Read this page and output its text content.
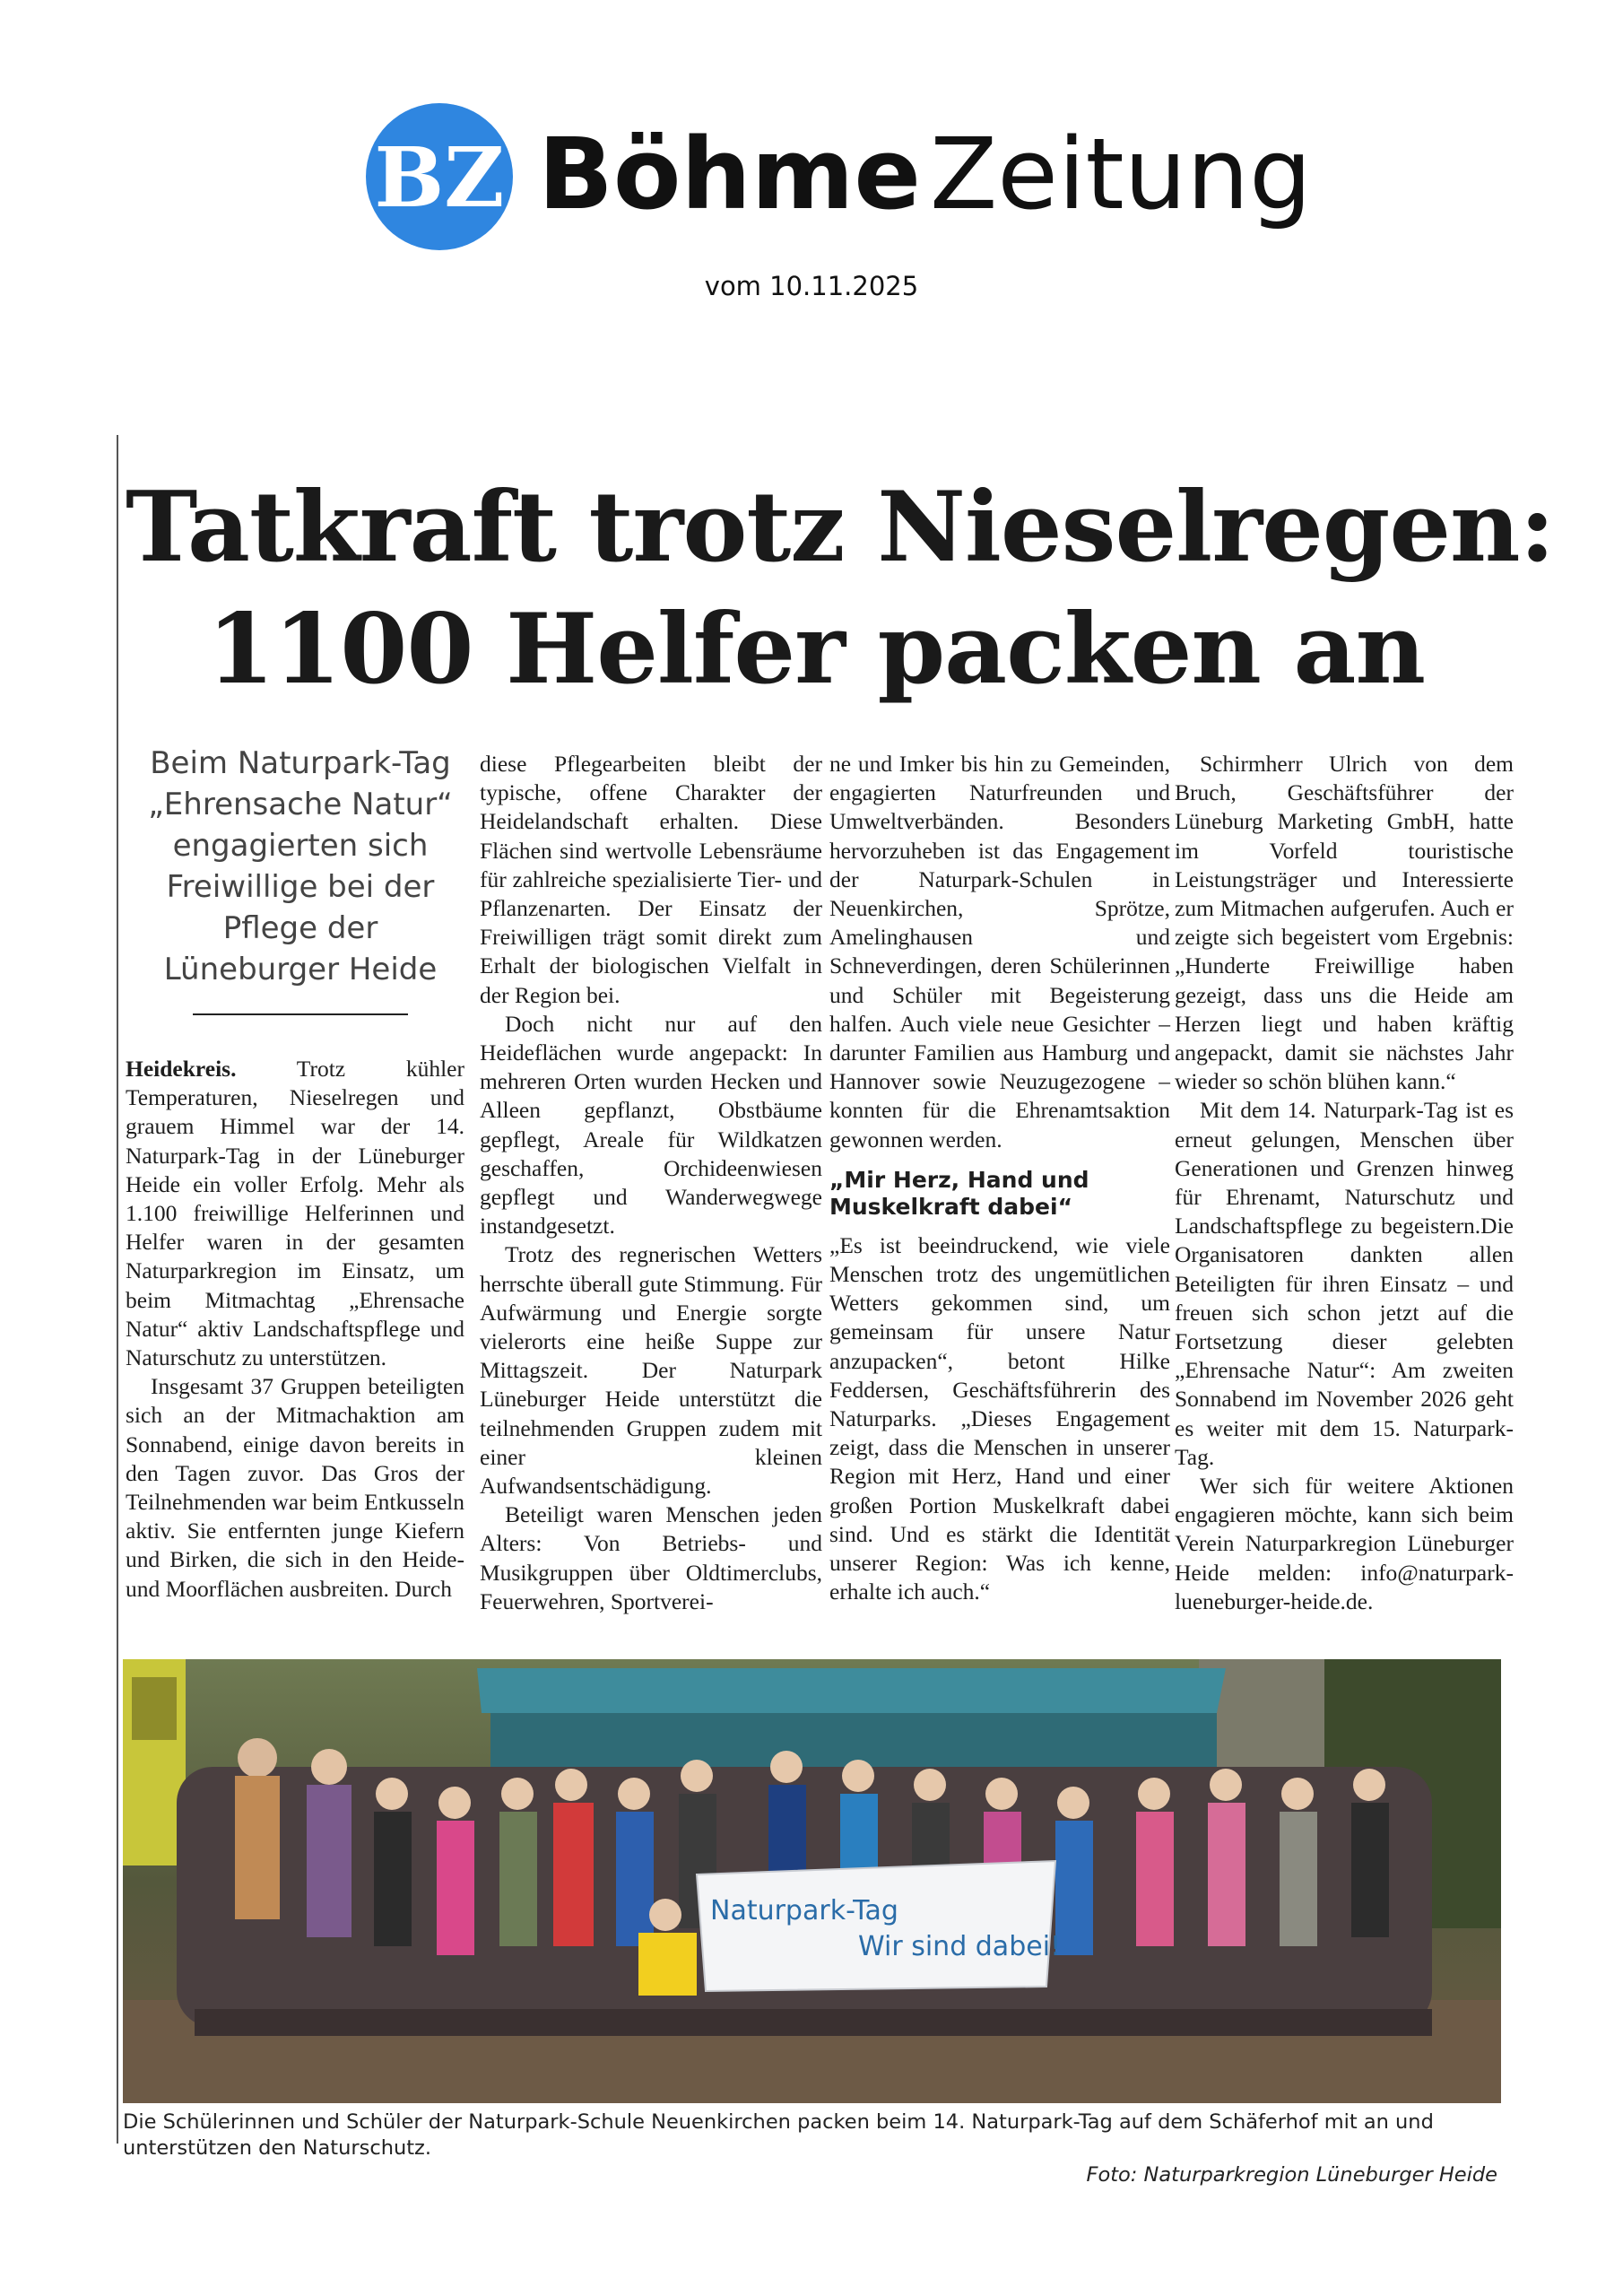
BZ BöhmeZeitung
vom 10.11.2025
Tatkraft trotz Nieselregen:
1100 Helfer packen an
Beim Naturpark-Tag
„Ehrensache Natur“
engagierten sich
Freiwillige bei der
Pflege der
Lüneburger Heide

Heidekreis. Trotz kühler Temperaturen, Nieselregen und grauem Himmel war der 14. Naturpark-Tag in der Lüneburger Heide ein voller Erfolg. Mehr als 1.100 freiwillige Helferinnen und Helfer waren in der gesamten Naturparkregion im Einsatz, um beim Mitmachtag „Ehrensache Natur“ aktiv Landschaftspflege und Naturschutz zu unterstützen.

Insgesamt 37 Gruppen beteiligten sich an der Mitmachaktion am Sonnabend, einige davon bereits in den Tagen zuvor. Das Gros der Teilnehmenden war beim Entkusseln aktiv. Sie entfernten junge Kiefern und Birken, die sich in den Heide- und Moorflächen ausbreiten. Durch

diese Pflegearbeiten bleibt der typische, offene Charakter der Heidelandschaft erhalten. Diese Flächen sind wertvolle Lebensräume für zahlreiche spezialisierte Tier- und Pflanzenarten. Der Einsatz der Freiwilligen trägt somit direkt zum Erhalt der biologischen Vielfalt in der Region bei.

Doch nicht nur auf den Heideflächen wurde angepackt: In mehreren Orten wurden Hecken und Alleen gepflanzt, Obstbäume gepflegt, Areale für Wildkatzen geschaffen, Orchideenwiesen gepflegt und Wanderwegwege instandgesetzt.

Trotz des regnerischen Wetters herrschte überall gute Stimmung. Für Aufwärmung und Energie sorgte vielerorts eine heiße Suppe zur Mittagszeit. Der Naturpark Lüneburger Heide unterstützt die teilnehmenden Gruppen zudem mit einer kleinen Aufwandsentschädigung.

Beteiligt waren Menschen jeden Alters: Von Betriebs- und Musikgruppen über Oldtimerclubs, Feuerwehren, Sportverei-

ne und Imker bis hin zu Gemeinden, engagierten Naturfreunden und Umweltverbänden. Besonders hervorzuheben ist das Engagement der Naturpark-Schulen in Neuenkirchen, Sprötze, Amelinghausen und Schneverdingen, deren Schülerinnen und Schüler mit Begeisterung halfen. Auch viele neue Gesichter – darunter Familien aus Hamburg und Hannover sowie Neuzugezogene – konnten für die Ehrenamtsaktion gewonnen werden.

„Mir Herz, Hand und Muskelkraft dabei“

„Es ist beeindruckend, wie viele Menschen trotz des ungemütlichen Wetters gekommen sind, um gemeinsam für unsere Natur anzupacken“, betont Hilke Feddersen, Geschäftsführerin des Naturparks. „Dieses Engagement zeigt, dass die Menschen in unserer Region mit Herz, Hand und einer großen Portion Muskelkraft dabei sind. Und es stärkt die Identität unserer Region: Was ich kenne, erhalte ich auch.“

Schirmherr Ulrich von dem Bruch, Geschäftsführer der Lüneburg Marketing GmbH, hatte im Vorfeld touristische Leistungsträger und Interessierte zum Mitmachen aufgerufen. Auch er zeigte sich begeistert vom Ergebnis: „Hunderte Freiwillige haben gezeigt, dass uns die Heide am Herzen liegt und haben kräftig angepackt, damit sie nächstes Jahr wieder so schön blühen kann.“

Mit dem 14. Naturpark-Tag ist es erneut gelungen, Menschen über Generationen und Grenzen hinweg für Ehrenamt, Naturschutz und Landschaftspflege zu begeistern.Die Organisatoren dankten allen Beteiligten für ihren Einsatz – und freuen sich schon jetzt auf die Fortsetzung dieser gelebten „Ehrensache Natur“: Am zweiten Sonnabend im November 2026 geht es weiter mit dem 15. Naturpark-Tag.

Wer sich für weitere Aktionen engagieren möchte, kann sich beim Verein Naturparkregion Lüneburger Heide melden: info@naturpark-lueneburger-heide.de.

Naturpark-Tag
Wir sind dabei!
Die Schülerinnen und Schüler der Naturpark-Schule Neuenkirchen packen beim 14. Naturpark-Tag auf dem Schäferhof mit an und unterstützen den Naturschutz.
Foto: Naturparkregion Lüneburger Heide
